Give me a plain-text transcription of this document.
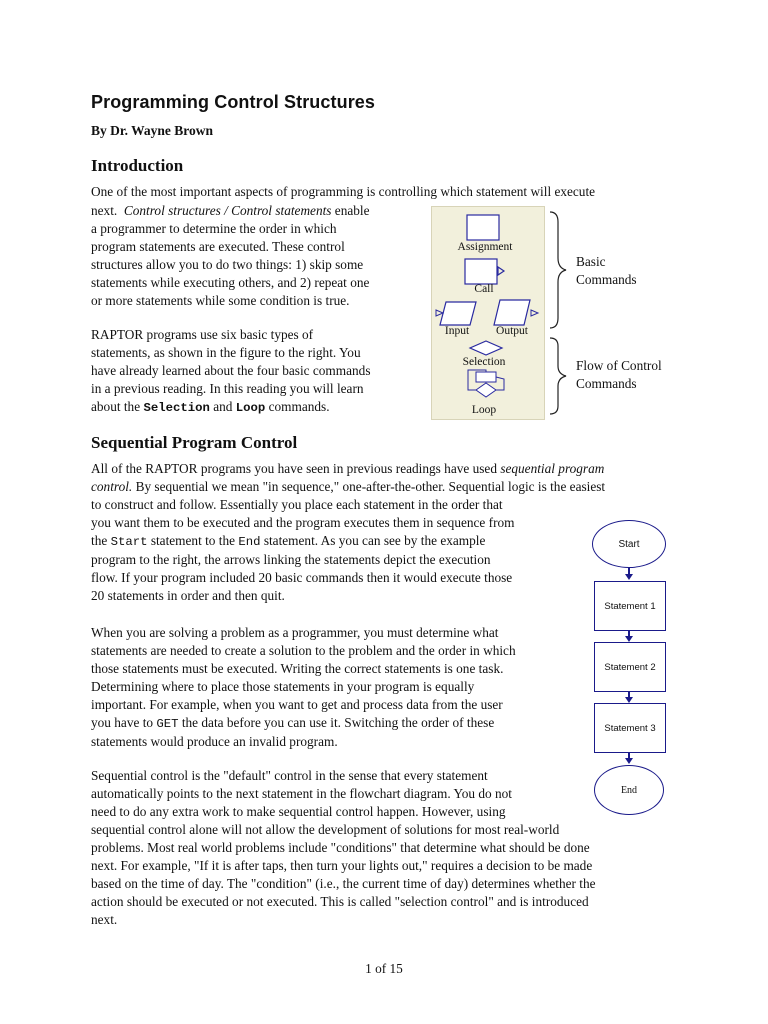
Programming Control Structures
By Dr. Wayne Brown
Introduction
One of the most important aspects of programming is controlling which statement will execute
next. Control structures / Control statements enable
a programmer to determine the order in which
program statements are executed. These control
structures allow you to do two things: 1) skip some
statements while executing others, and 2) repeat one
or more statements while some condition is true.
RAPTOR programs use six basic types of
statements, as shown in the figure to the right. You
have already learned about the four basic commands
in a previous reading. In this reading you will learn
about the Selection and Loop commands.
Assignment
Call
Input	Output
Selection
Loop
Basic
Commands
Flow of Control
Commands
Sequential Program Control
All of the RAPTOR programs you have seen in previous readings have used sequential program
control. By sequential we mean "in sequence," one-after-the-other. Sequential logic is the easiest
to construct and follow. Essentially you place each statement in the order that
you want them to be executed and the program executes them in sequence from
the Start statement to the End statement. As you can see by the example
program to the right, the arrows linking the statements depict the execution
flow. If your program included 20 basic commands then it would execute those
20 statements in order and then quit.
When you are solving a problem as a programmer, you must determine what
statements are needed to create a solution to the problem and the order in which
those statements must be executed. Writing the correct statements is one task.
Determining where to place those statements in your program is equally
important. For example, when you want to get and process data from the user
you have to GET the data before you can use it. Switching the order of these
statements would produce an invalid program.
Sequential control is the "default" control in the sense that every statement
automatically points to the next statement in the flowchart diagram. You do not
need to do any extra work to make sequential control happen. However, using
sequential control alone will not allow the development of solutions for most real-world
problems. Most real world problems include "conditions" that determine what should be done
next. For example, "If it is after taps, then turn your lights out," requires a decision to be made
based on the time of day. The "condition" (i.e., the current time of day) determines whether the
action should be executed or not executed. This is called "selection control" and is introduced
next.
Start
Statement 1
Statement 2
Statement 3
End
1 of 15
